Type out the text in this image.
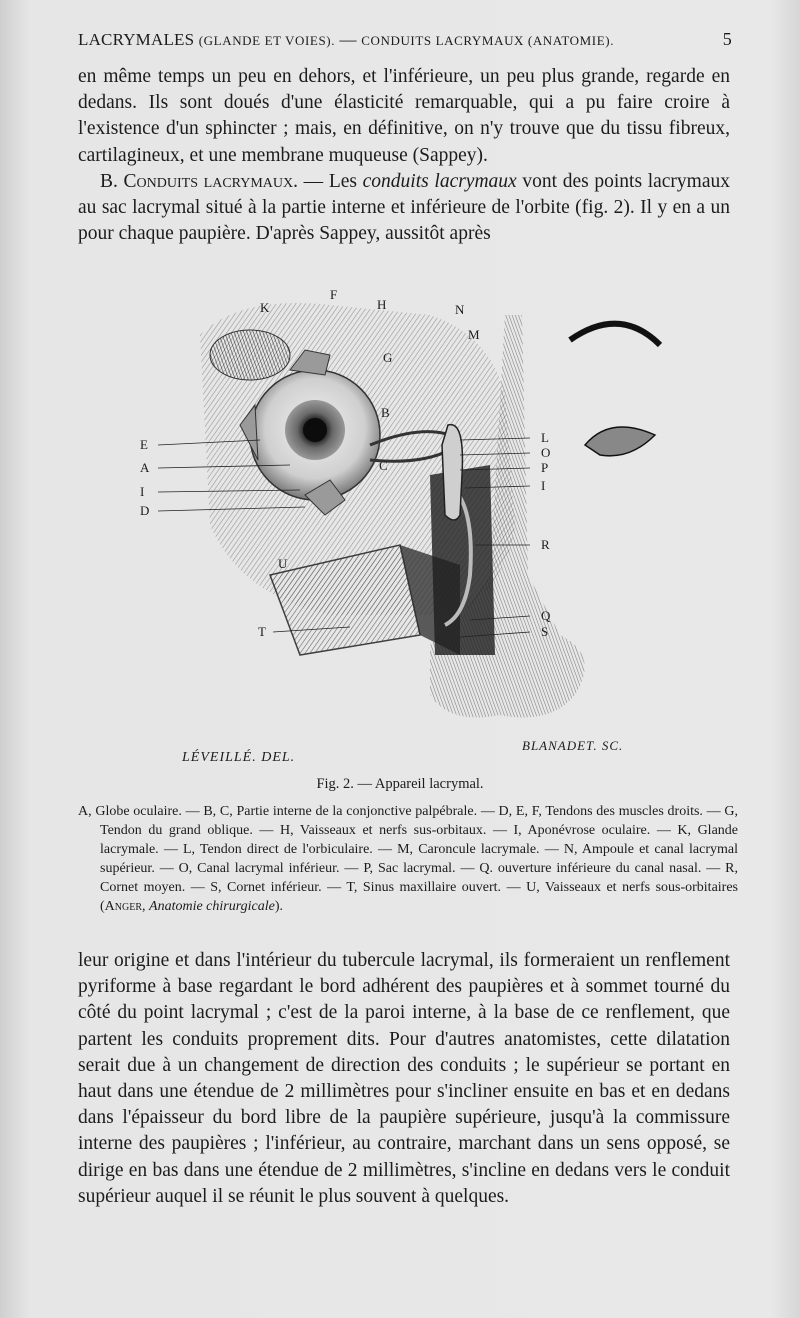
LACRYMALES (GLANDE ET VOIES). — CONDUITS LACRYMAUX (ANATOMIE).	5

en même temps un peu en dehors, et l'inférieure, un peu plus grande, regarde en dedans. Ils sont doués d'une élasticité remarquable, qui a pu faire croire à l'existence d'un sphincter ; mais, en définitive, on n'y trouve que du tissu fibreux, cartilagineux, et une membrane muqueuse (Sappey).

B. Conduits lacrymaux. — Les conduits lacrymaux vont des points lacrymaux au sac lacrymal situé à la partie interne et inférieure de l'orbite (fig. 2). Il y en a un pour chaque paupière. D'après Sappey, aussitôt après

K
F
H	N
M
G
B
C
E
A
I
D
L
O
P
I
R
U
T
Q
S
LÉVEILLÉ. DEL.
BLANADET. SC.
Fig. 2. — Appareil lacrymal.
A, Globe oculaire. — B, C, Partie interne de la conjonctive palpébrale. — D, E, F, Tendons des muscles droits. — G, Tendon du grand oblique. — H, Vaisseaux et nerfs sus-orbitaux. — I, Aponévrose oculaire. — K, Glande lacrymale. — L, Tendon direct de l'orbiculaire. — M, Caroncule lacrymale. — N, Ampoule et canal lacrymal supérieur. — O, Canal lacrymal inférieur. — P, Sac lacrymal. — Q. ouverture inférieure du canal nasal. — R, Cornet moyen. — S, Cornet inférieur. — T, Sinus maxillaire ouvert. — U, Vaisseaux et nerfs sous-orbitaires (Anger, Anatomie chirurgicale).

leur origine et dans l'intérieur du tubercule lacrymal, ils formeraient un renflement pyriforme à base regardant le bord adhérent des paupières et à sommet tourné du côté du point lacrymal ; c'est de la paroi interne, à la base de ce renflement, que partent les conduits proprement dits. Pour d'autres anatomistes, cette dilatation serait due à un changement de direction des conduits ; le supérieur se portant en haut dans une étendue de 2 millimètres pour s'incliner ensuite en bas et en dedans dans l'épaisseur du bord libre de la paupière supérieure, jusqu'à la commissure interne des paupières ; l'inférieur, au contraire, marchant dans un sens opposé, se dirige en bas dans une étendue de 2 millimètres, s'incline en dedans vers le conduit supérieur auquel il se réunit le plus souvent à quelques.
